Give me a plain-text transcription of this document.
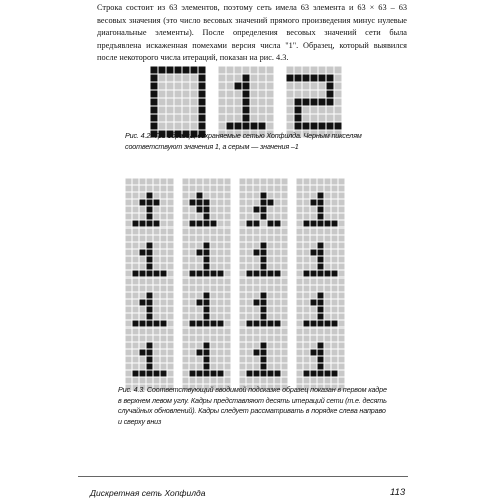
Строка состоит из 63 элементов, поэтому сеть имела 63 элемента и 63 × 63 – 63 весовых значения (это число весовых значений прямого произведения минус нулевые диагональные элементы). После определения весовых значений сети была предъявлена искаженная помехами версия числа "1". Образец, который выявился после некоторого числа итераций, показан на рис. 4.3.

Рис. 4.2. Три образца, сохраняемые сетью Хопфилда. Черным пикселям соответствуют значения 1, а серым — значения –1

Рис. 4.3. Соответствующий вводимой подсказке образец показан в первом кадре в верхнем левом углу. Кадры представляют десять итераций сети (т.е. десять случайных обновлений). Кадры следует рассматривать в порядке слева направо и сверху вниз

Дискретная сеть Хопфилда	113
